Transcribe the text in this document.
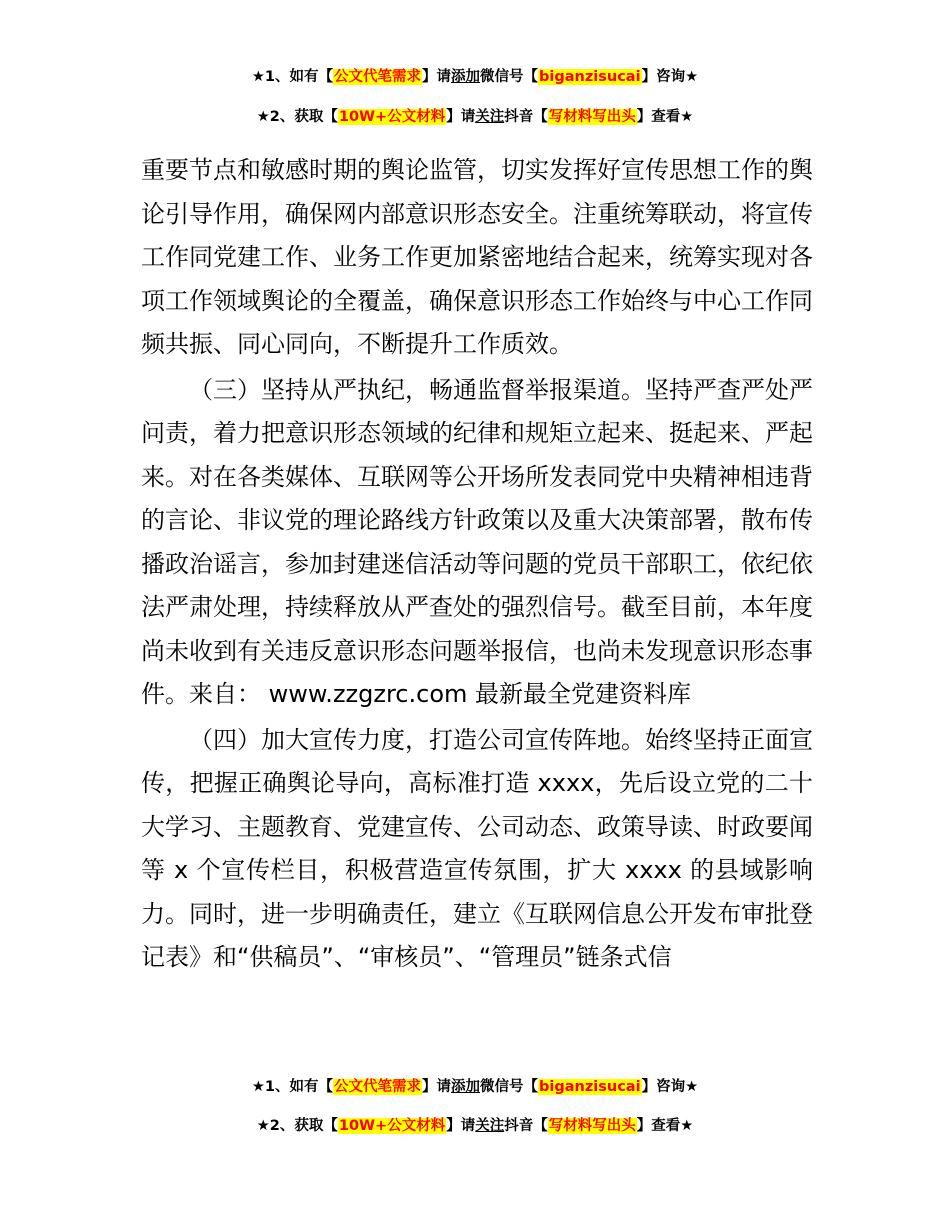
★1、如有【公文代笔需求】请添加微信号【biganzisucai】咨询★
★2、获取【10W+公文材料】请关注抖音【写材料写出头】查看★

重要节点和敏感时期的舆论监管，切实发挥好宣传思想工作的舆论引导作用，确保网内部意识形态安全。注重统筹联动，将宣传工作同党建工作、业务工作更加紧密地结合起来，统筹实现对各项工作领域舆论的全覆盖，确保意识形态工作始终与中心工作同频共振、同心同向，不断提升工作质效。

（三）坚持从严执纪，畅通监督举报渠道。坚持严查严处严问责，着力把意识形态领域的纪律和规矩立起来、挺起来、严起来。对在各类媒体、互联网等公开场所发表同党中央精神相违背的言论、非议党的理论路线方针政策以及重大决策部署，散布传播政治谣言，参加封建迷信活动等问题的党员干部职工，依纪依法严肃处理，持续释放从严查处的强烈信号。截至目前，本年度尚未收到有关违反意识形态问题举报信，也尚未发现意识形态事件。来自： www.zzgzrc.com 最新最全党建资料库

（四）加大宣传力度，打造公司宣传阵地。始终坚持正面宣传，把握正确舆论导向，高标准打造 xxxx，先后设立党的二十大学习、主题教育、党建宣传、公司动态、政策导读、时政要闻等 x 个宣传栏目，积极营造宣传氛围，扩大 xxxx 的县域影响力。同时，进一步明确责任，建立《互联网信息公开发布审批登记表》和“供稿员”、“审核员”、“管理员”链条式信

★1、如有【公文代笔需求】请添加微信号【biganzisucai】咨询★
★2、获取【10W+公文材料】请关注抖音【写材料写出头】查看★
